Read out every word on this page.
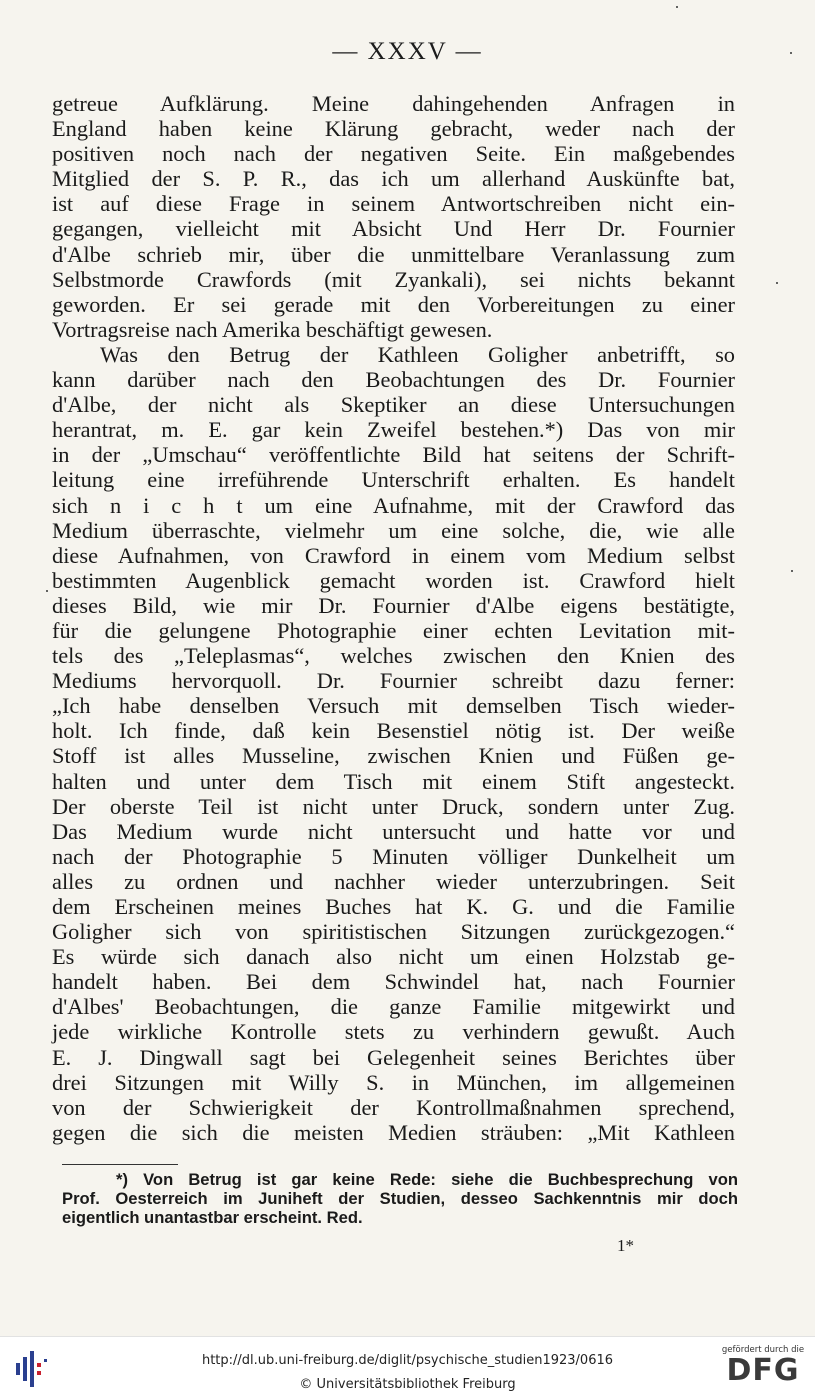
— XXXV —
getreue Aufklärung. Meine dahingehenden Anfragen in
England haben keine Klärung gebracht, weder nach der
positiven noch nach der negativen Seite. Ein maßgebendes
Mitglied der S. P. R., das ich um allerhand Auskünfte bat,
ist auf diese Frage in seinem Antwortschreiben nicht ein-
gegangen, vielleicht mit Absicht Und Herr Dr. Fournier
d'Albe schrieb mir, über die unmittelbare Veranlassung zum
Selbstmorde Crawfords (mit Zyankali), sei nichts bekannt
geworden. Er sei gerade mit den Vorbereitungen zu einer
Vortragsreise nach Amerika beschäftigt gewesen.
Was den Betrug der Kathleen Goligher anbetrifft, so
kann darüber nach den Beobachtungen des Dr. Fournier
d'Albe, der nicht als Skeptiker an diese Untersuchungen
herantrat, m. E. gar kein Zweifel bestehen.*) Das von mir
in der „Umschau“ veröffentlichte Bild hat seitens der Schrift-
leitung eine irreführende Unterschrift erhalten. Es handelt
sich n i c h t um eine Aufnahme, mit der Crawford das
Medium überraschte, vielmehr um eine solche, die, wie alle
diese Aufnahmen, von Crawford in einem vom Medium selbst
bestimmten Augenblick gemacht worden ist. Crawford hielt
dieses Bild, wie mir Dr. Fournier d'Albe eigens bestätigte,
für die gelungene Photographie einer echten Levitation mit-
tels des „Teleplasmas“, welches zwischen den Knien des
Mediums hervorquoll. Dr. Fournier schreibt dazu ferner:
„Ich habe denselben Versuch mit demselben Tisch wieder-
holt. Ich finde, daß kein Besenstiel nötig ist. Der weiße
Stoff ist alles Musseline, zwischen Knien und Füßen ge-
halten und unter dem Tisch mit einem Stift angesteckt.
Der oberste Teil ist nicht unter Druck, sondern unter Zug.
Das Medium wurde nicht untersucht und hatte vor und
nach der Photographie 5 Minuten völliger Dunkelheit um
alles zu ordnen und nachher wieder unterzubringen. Seit
dem Erscheinen meines Buches hat K. G. und die Familie
Goligher sich von spiritistischen Sitzungen zurückgezogen.“
Es würde sich danach also nicht um einen Holzstab ge-
handelt haben. Bei dem Schwindel hat, nach Fournier
d'Albes' Beobachtungen, die ganze Familie mitgewirkt und
jede wirkliche Kontrolle stets zu verhindern gewußt. Auch
E. J. Dingwall sagt bei Gelegenheit seines Berichtes über
drei Sitzungen mit Willy S. in München, im allgemeinen
von der Schwierigkeit der Kontrollmaßnahmen sprechend,
gegen die sich die meisten Medien sträuben: „Mit Kathleen
*) Von Betrug ist gar keine Rede: siehe die Buchbesprechung von
Prof. Oesterreich im Juniheft der Studien, desseo Sachkenntnis mir doch
eigentlich unantastbar erscheint. Red.
1*
http://dl.ub.uni-freiburg.de/diglit/psychische_studien1923/0616
© Universitätsbibliothek Freiburg
gefördert durch die
DFG
